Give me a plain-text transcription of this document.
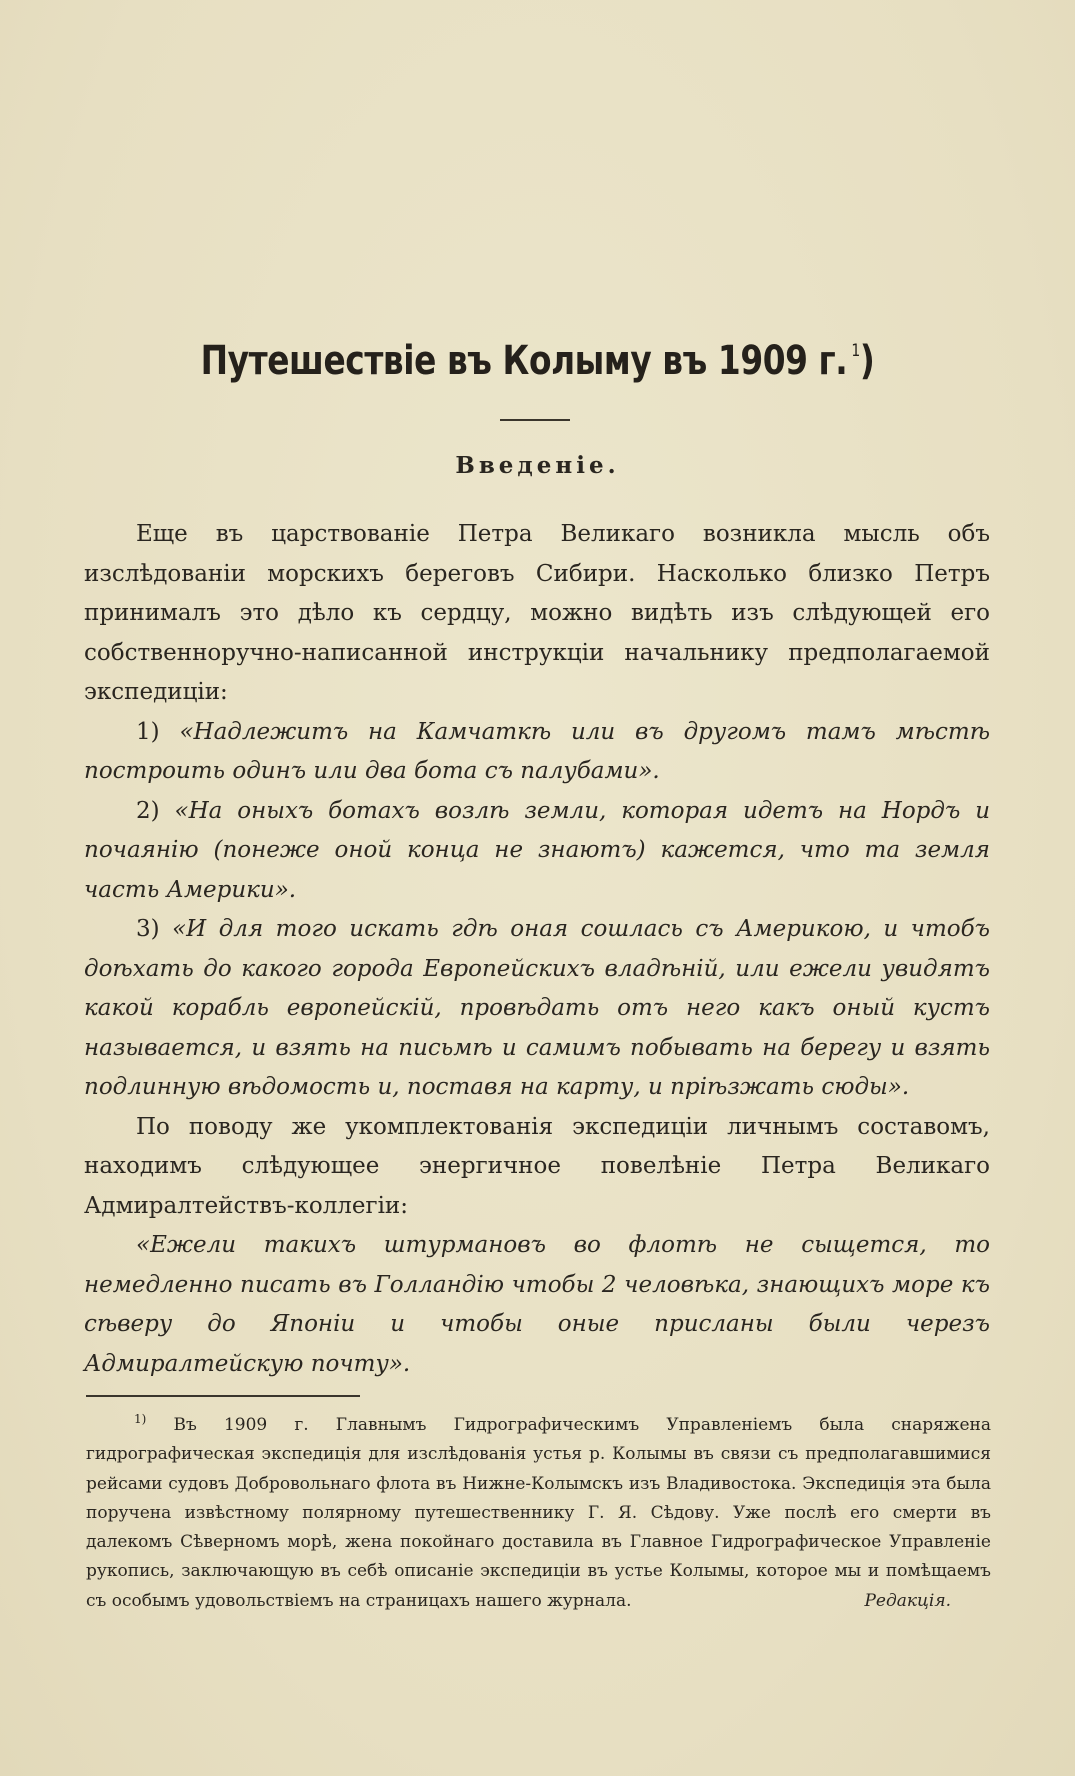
Путешествіе въ Колыму въ 1909 г. $^1$)
Введеніе.

Еще въ царствованіе Петра Великаго возникла мысль объ изслѣдованіи морскихъ береговъ Сибири. Насколько близко Петръ принималъ это дѣло къ сердцу, можно видѣть изъ слѣдующей его собственноручно-написанной инструкціи начальнику предполагаемой экспедиціи:

1) «Надлежитъ на Камчаткѣ или въ другомъ тамъ мѣстѣ построить одинъ или два бота съ палубами».

2) «На оныхъ ботахъ возлѣ земли, которая идетъ на Нордъ и почаянію (понеже оной конца не знаютъ) кажется, что та земля часть Америки».

3) «И для того искать гдѣ оная сошлась съ Америкою, и чтобъ доѣхать до какого города Европейскихъ владѣній, или ежели увидятъ какой корабль европейскій, провѣдать отъ него какъ оный кустъ называется, и взять на письмѣ и самимъ побывать на берегу и взять подлинную вѣдомость и, поставя на карту, и пріѣзжать сюды».

По поводу же укомплектованія экспедиціи личнымъ составомъ, находимъ слѣдующее энергичное повелѣніе Петра Великаго Адмиралтействъ-коллегіи:

«Ежели такихъ штурмановъ во флотѣ не сыщется, то немедленно писать въ Голландію чтобы 2 человѣка, знающихъ море къ сѣверу до Японіи и чтобы оные присланы были черезъ Адмиралтейскую почту».

$^{1)}$ Въ 1909 г. Главнымъ Гидрографическимъ Управленіемъ была снаряжена гидрографическая экспедиція для изслѣдованія устья р. Колымы въ связи съ предполагавшимися рейсами судовъ Добровольнаго флота въ Нижне-Колымскъ изъ Владивостока. Экспедиція эта была поручена извѣстному полярному путешественнику Г. Я. Сѣдову. Уже послѣ его смерти въ далекомъ Сѣверномъ морѣ, жена покойнаго доставила въ Главное Гидрографическое Управленіе рукопись, заключающую въ себѣ описаніе экспедиціи въ устье Колымы, которое мы и помѣщаемъ съ особымъ удовольствіемъ на страницахъ нашего журнала.	Редакція.
